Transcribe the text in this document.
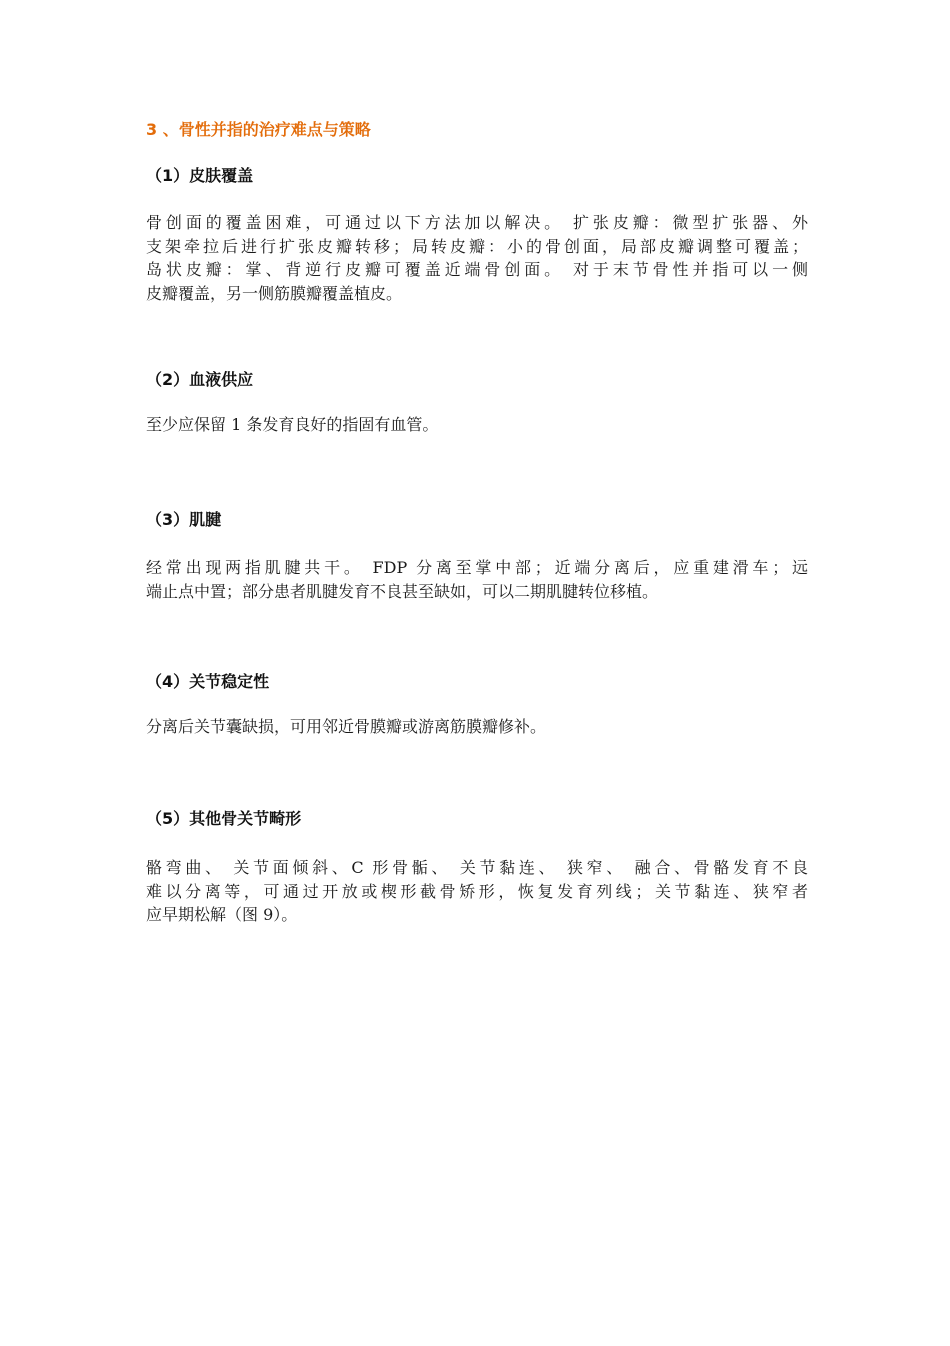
3 、骨性并指的治疗难点与策略
（1）皮肤覆盖
骨创面的覆盖困难，可通过以下方法加以解决。 扩张皮瓣：微型扩张器、外
支架牵拉后进行扩张皮瓣转移；局转皮瓣：小的骨创面，局部皮瓣调整可覆盖；
岛状皮瓣：掌、背逆行皮瓣可覆盖近端骨创面。 对于末节骨性并指可以一侧
皮瓣覆盖，另一侧筋膜瓣覆盖植皮。
（2）血液供应
至少应保留 1 条发育良好的指固有血管。
（3）肌腱
经常出现两指肌腱共干。 FDP 分离至掌中部；近端分离后，应重建滑车；远
端止点中置；部分患者肌腱发育不良甚至缺如，可以二期肌腱转位移植。
（4）关节稳定性
分离后关节囊缺损，可用邻近骨膜瓣或游离筋膜瓣修补。
（5）其他骨关节畸形
骼弯曲、 关节面倾斜、C 形骨骺、 关节黏连、 狭窄、 融合、骨骼发育不良
难以分离等，可通过开放或楔形截骨矫形，恢复发育列线；关节黏连、狭窄者
应早期松解（图 9）。
